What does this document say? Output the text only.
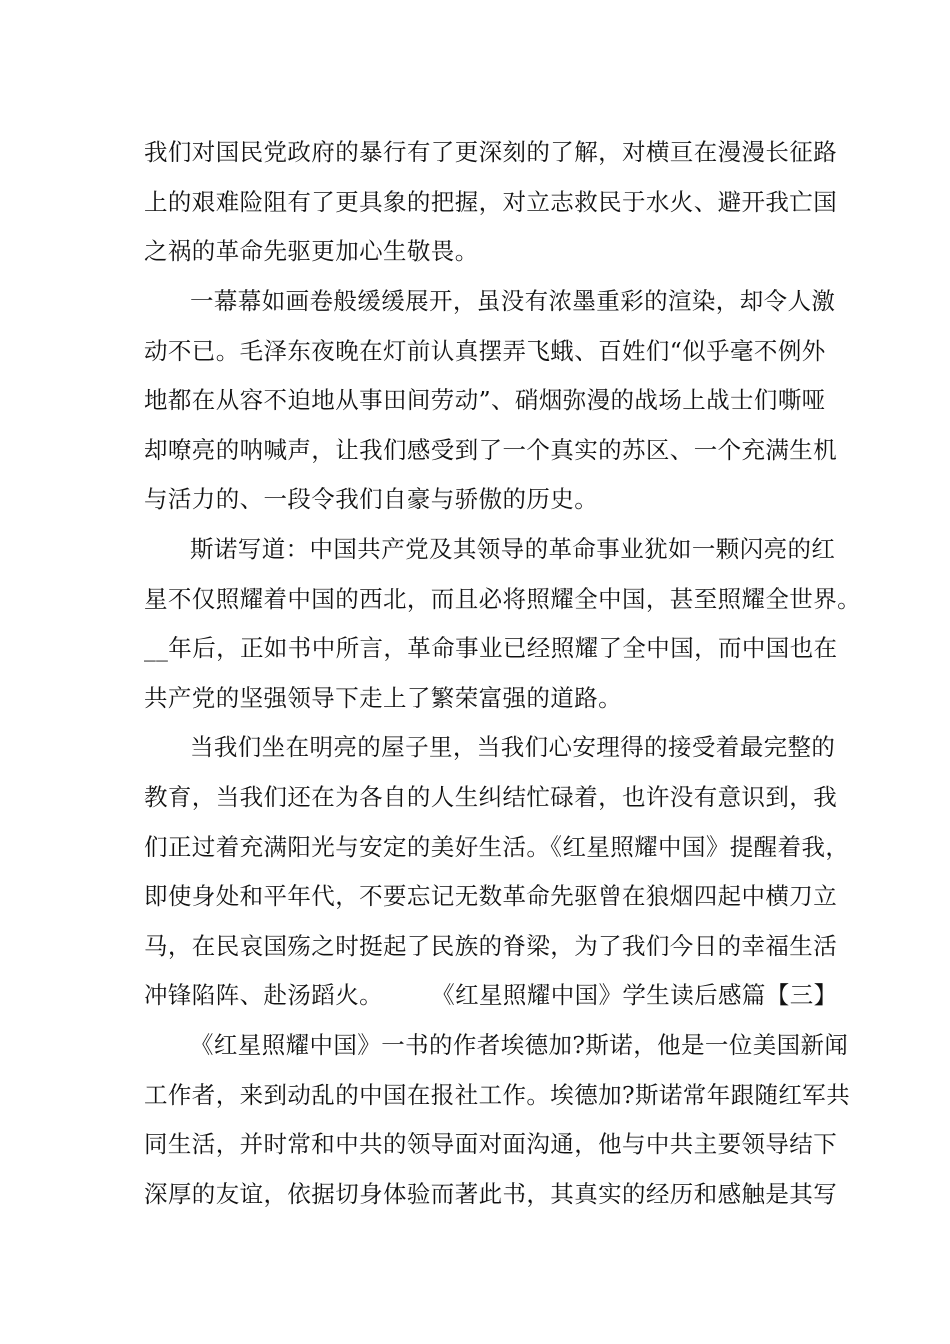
我们对国民党政府的暴行有了更深刻的了解，对横亘在漫漫长征路
上的艰难险阻有了更具象的把握，对立志救民于水火、避开我亡国
之祸的革命先驱更加心生敬畏。
一幕幕如画卷般缓缓展开，虽没有浓墨重彩的渲染，却令人激
动不已。毛泽东夜晚在灯前认真摆弄飞蛾、百姓们“似乎毫不例外
地都在从容不迫地从事田间劳动”、硝烟弥漫的战场上战士们嘶哑
却嘹亮的呐喊声，让我们感受到了一个真实的苏区、一个充满生机
与活力的、一段令我们自豪与骄傲的历史。
斯诺写道：中国共产党及其领导的革命事业犹如一颗闪亮的红
星不仅照耀着中国的西北，而且必将照耀全中国，甚至照耀全世界。
__年后，正如书中所言，革命事业已经照耀了全中国，而中国也在
共产党的坚强领导下走上了繁荣富强的道路。
当我们坐在明亮的屋子里，当我们心安理得的接受着最完整的
教育，当我们还在为各自的人生纠结忙碌着，也许没有意识到，我
们正过着充满阳光与安定的美好生活。《红星照耀中国》提醒着我，
即使身处和平年代，不要忘记无数革命先驱曾在狼烟四起中横刀立
马，在民哀国殇之时挺起了民族的脊梁，为了我们今日的幸福生活
冲锋陷阵、赴汤蹈火。　　　《红星照耀中国》学生读后感篇【三】
《红星照耀中国》一书的作者埃德加?斯诺，他是一位美国新闻
工作者，来到动乱的中国在报社工作。埃德加?斯诺常年跟随红军共
同生活，并时常和中共的领导面对面沟通，他与中共主要领导结下
深厚的友谊，依据切身体验而著此书，其真实的经历和感触是其写
